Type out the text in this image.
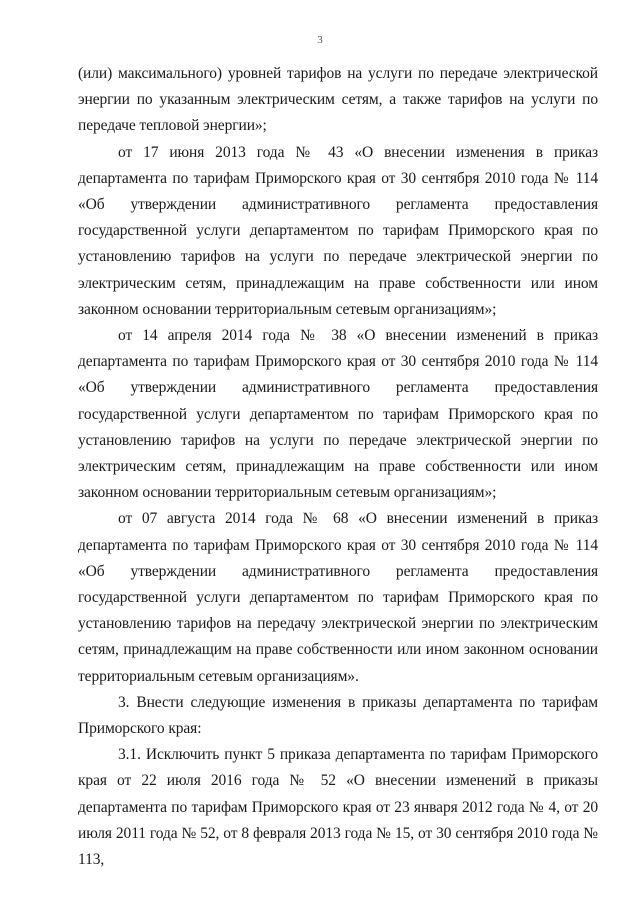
3

(или) максимального) уровней тарифов на услуги по передаче электрической энергии по указанным электрическим сетям, а также тарифов на услуги по передаче тепловой энергии»;

от 17 июня 2013 года № 43 «О внесении изменения в приказ департамента по тарифам Приморского края от 30 сентября 2010 года № 114 «Об утверждении административного регламента предоставления государственной услуги департаментом по тарифам Приморского края по установлению тарифов на услуги по передаче электрической энергии по электрическим сетям, принадлежащим на праве собственности или ином законном основании территориальным сетевым организациям»;

от 14 апреля 2014 года № 38 «О внесении изменений в приказ департамента по тарифам Приморского края от 30 сентября 2010 года № 114 «Об утверждении административного регламента предоставления государственной услуги департаментом по тарифам Приморского края по установлению тарифов на услуги по передаче электрической энергии по электрическим сетям, принадлежащим на праве собственности или ином законном основании территориальным сетевым организациям»;

от 07 августа 2014 года № 68 «О внесении изменений в приказ департамента по тарифам Приморского края от 30 сентября 2010 года № 114 «Об утверждении административного регламента предоставления государственной услуги департаментом по тарифам Приморского края по установлению тарифов на передачу электрической энергии по электрическим сетям, принадлежащим на праве собственности или ином законном основании территориальным сетевым организациям».

3. Внести следующие изменения в приказы департамента по тарифам Приморского края:

3.1. Исключить пункт 5 приказа департамента по тарифам Приморского края от 22 июля 2016 года № 52 «О внесении изменений в приказы департамента по тарифам Приморского края от 23 января 2012 года № 4, от 20 июля 2011 года № 52, от 8 февраля 2013 года № 15, от 30 сентября 2010 года № 113,
